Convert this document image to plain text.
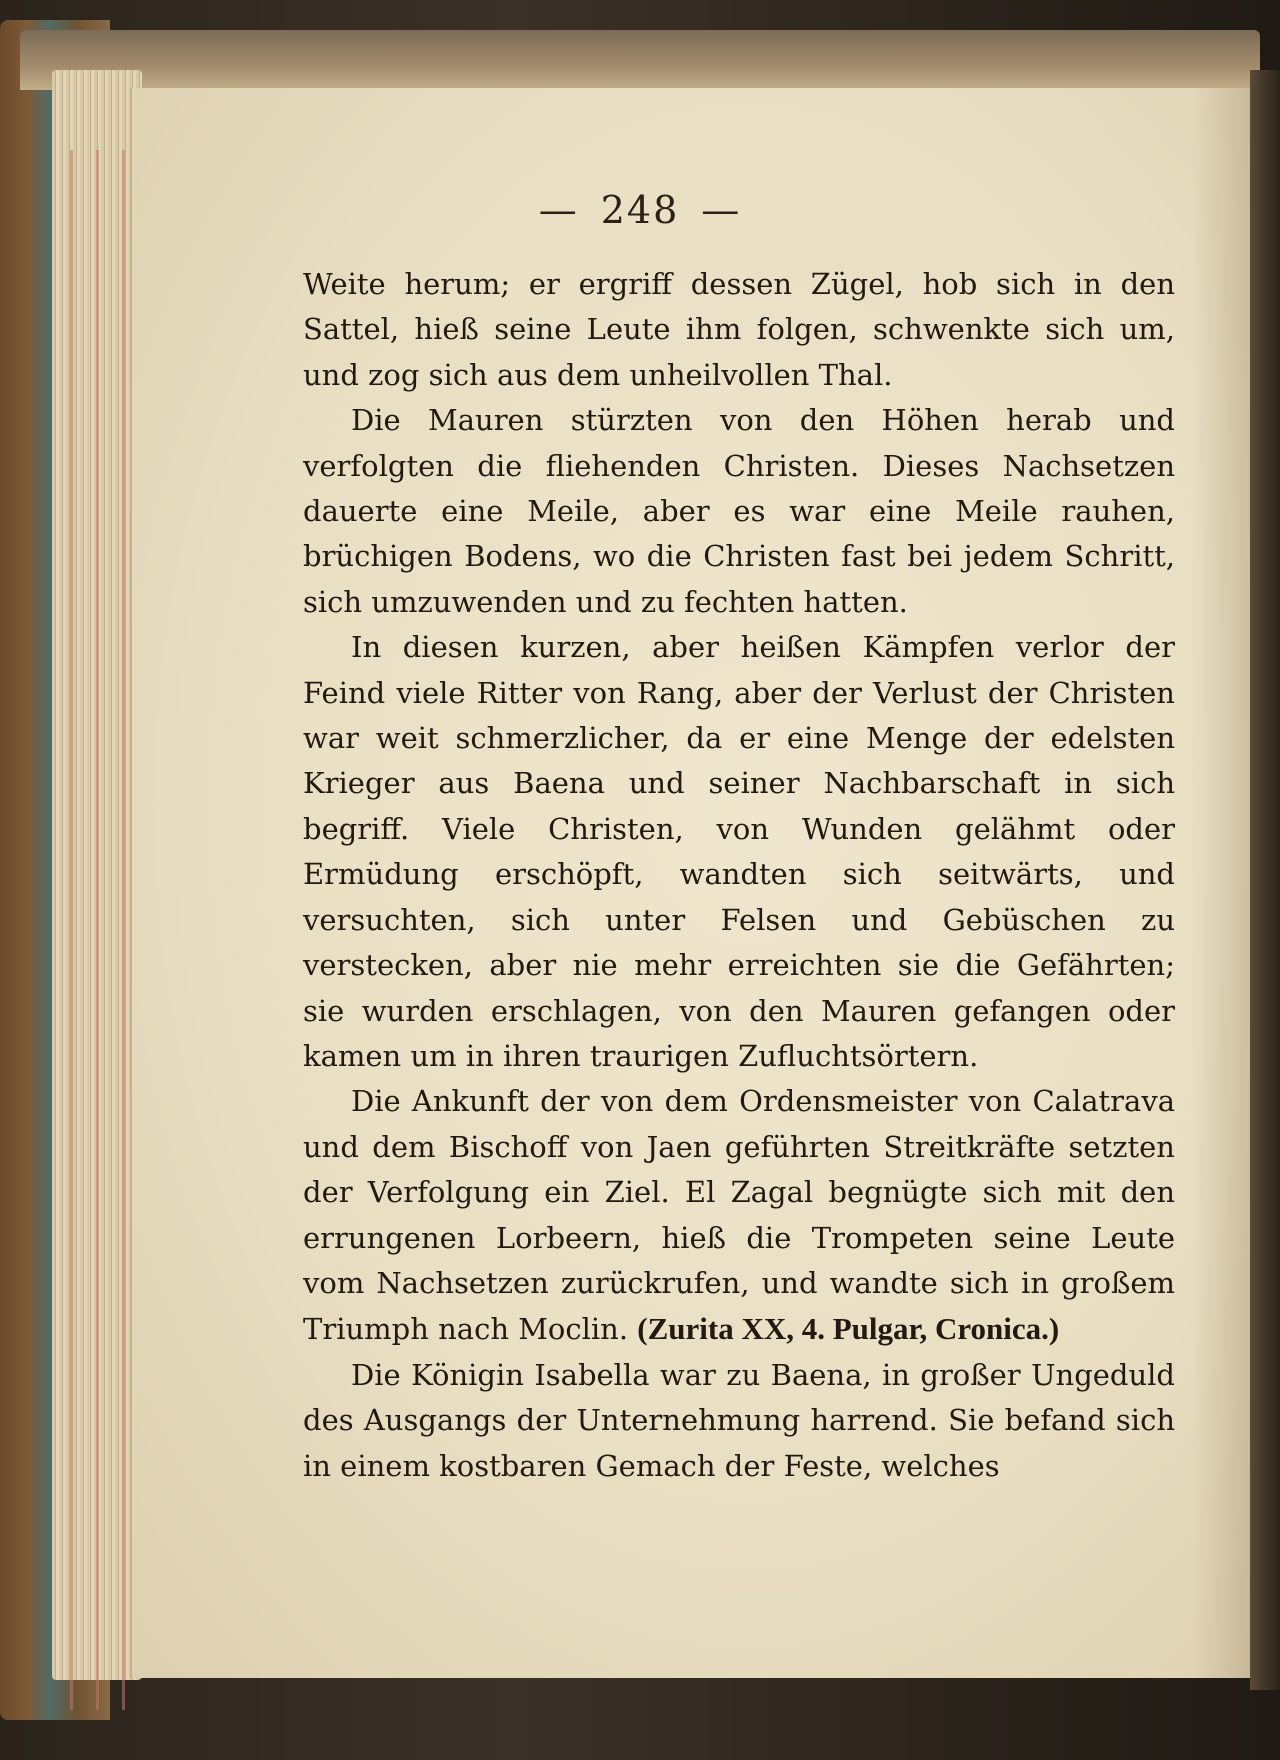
— 248 —

Weite herum; er ergriff dessen Zügel, hob sich in den Sattel, hieß seine Leute ihm folgen, schwenkte sich um, und zog sich aus dem unheilvollen Thal.

Die Mauren stürzten von den Höhen herab und verfolgten die fliehenden Christen. Dieses Nachsetzen dauerte eine Meile, aber es war eine Meile rauhen, brüchigen Bodens, wo die Christen fast bei jedem Schritt, sich umzuwenden und zu fechten hatten.

In diesen kurzen, aber heißen Kämpfen verlor der Feind viele Ritter von Rang, aber der Verlust der Christen war weit schmerzlicher, da er eine Menge der edelsten Krieger aus Baena und seiner Nachbarschaft in sich begriff. Viele Christen, von Wunden gelähmt oder Ermüdung erschöpft, wandten sich seitwärts, und versuchten, sich unter Felsen und Gebüschen zu verstecken, aber nie mehr erreichten sie die Gefährten; sie wurden erschlagen, von den Mauren gefangen oder kamen um in ihren traurigen Zufluchtsörtern.

Die Ankunft der von dem Ordensmeister von Calatrava und dem Bischoff von Jaen geführten Streitkräfte setzten der Verfolgung ein Ziel. El Zagal begnügte sich mit den errungenen Lorbeern, hieß die Trompeten seine Leute vom Nachsetzen zurückrufen, und wandte sich in großem Triumph nach Moclin. (Zurita XX, 4. Pulgar, Cronica.)

Die Königin Isabella war zu Baena, in großer Ungeduld des Ausgangs der Unternehmung harrend. Sie befand sich in einem kostbaren Gemach der Feste, welches
